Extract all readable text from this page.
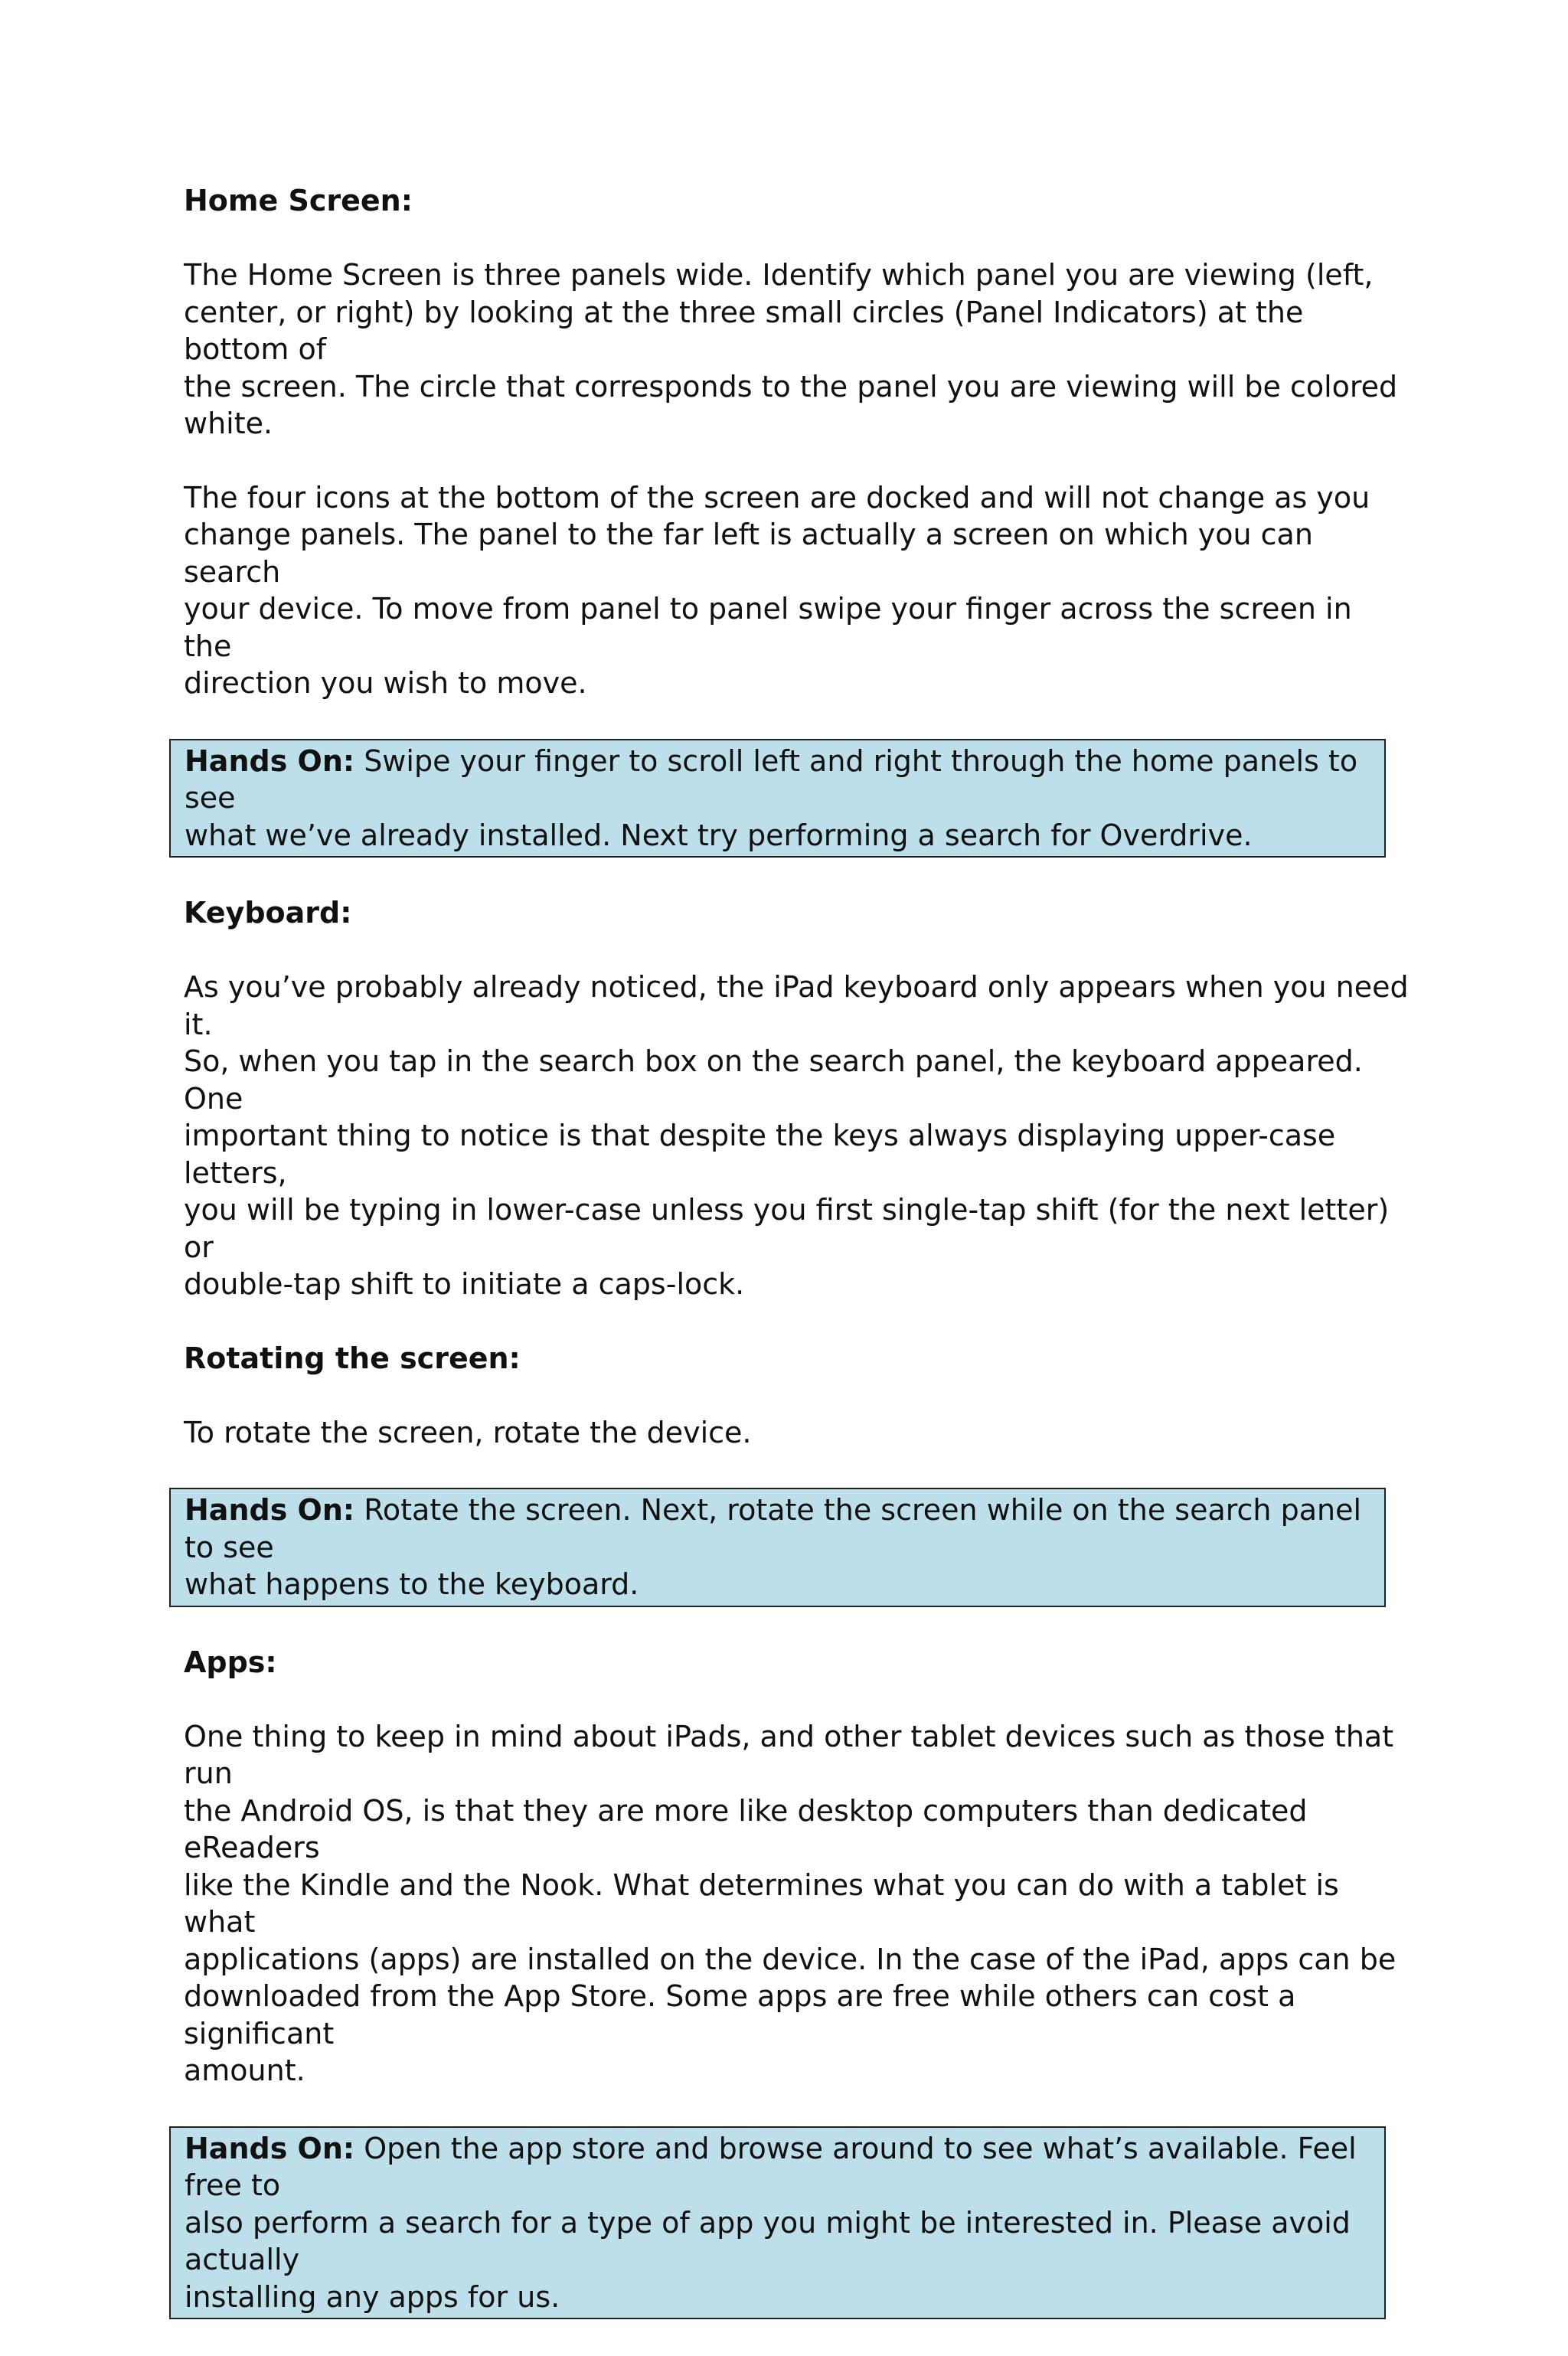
Home Screen:
The Home Screen is three panels wide. Identify which panel you are viewing (left,
center, or right) by looking at the three small circles (Panel Indicators) at the bottom of
the screen. The circle that corresponds to the panel you are viewing will be colored
white.
The four icons at the bottom of the screen are docked and will not change as you
change panels. The panel to the far left is actually a screen on which you can search
your device. To move from panel to panel swipe your finger across the screen in the
direction you wish to move.
Hands On: Swipe your finger to scroll left and right through the home panels to see
what we’ve already installed. Next try performing a search for Overdrive.
Keyboard:
As you’ve probably already noticed, the iPad keyboard only appears when you need it.
So, when you tap in the search box on the search panel, the keyboard appeared. One
important thing to notice is that despite the keys always displaying upper-case letters,
you will be typing in lower-case unless you first single-tap shift (for the next letter) or
double-tap shift to initiate a caps-lock.
Rotating the screen:
To rotate the screen, rotate the device.
Hands On: Rotate the screen. Next, rotate the screen while on the search panel to see
what happens to the keyboard.
Apps:
One thing to keep in mind about iPads, and other tablet devices such as those that run
the Android OS, is that they are more like desktop computers than dedicated eReaders
like the Kindle and the Nook. What determines what you can do with a tablet is what
applications (apps) are installed on the device. In the case of the iPad, apps can be
downloaded from the App Store. Some apps are free while others can cost a significant
amount.
Hands On: Open the app store and browse around to see what’s available. Feel free to
also perform a search for a type of app you might be interested in. Please avoid actually
installing any apps for us.
